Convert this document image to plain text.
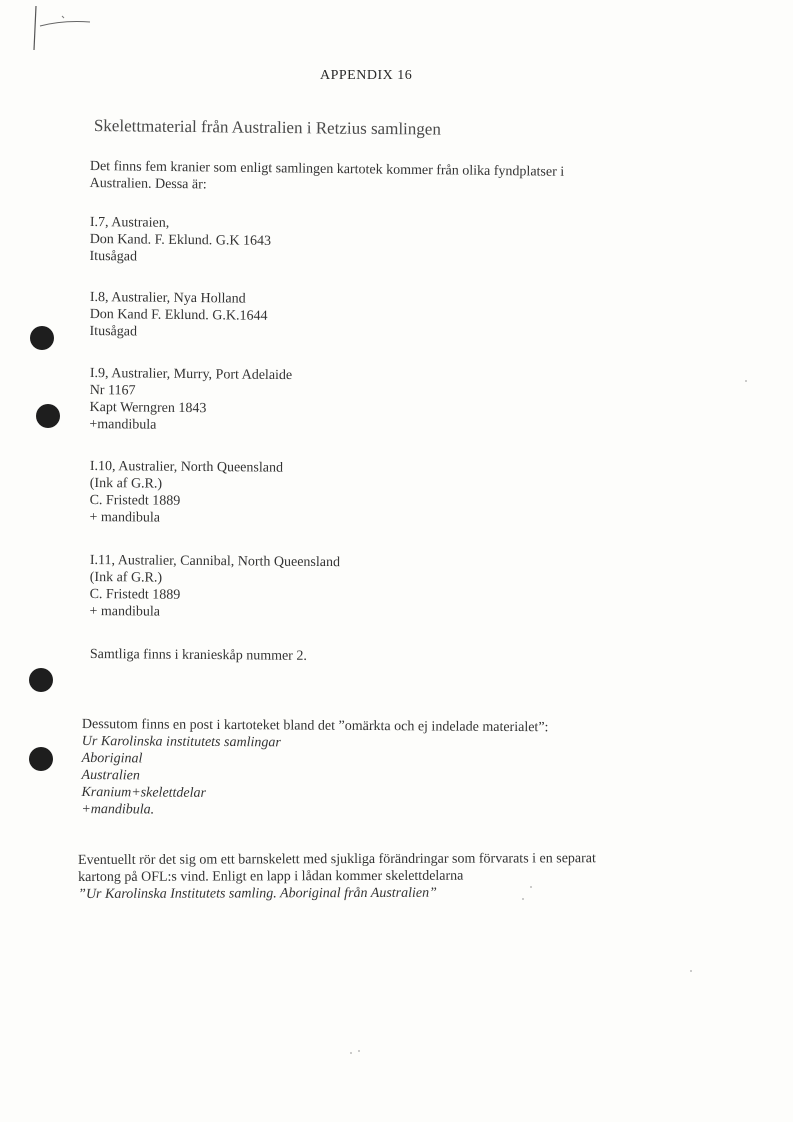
APPENDIX 16
Skelettmaterial från Australien i Retzius samlingen
Det finns fem kranier som enligt samlingen kartotek kommer från olika fyndplatser i
Australien. Dessa är:
I.7, Austraien,
Don Kand. F. Eklund. G.K 1643
Itusågad
I.8, Australier, Nya Holland
Don Kand F. Eklund. G.K.1644
Itusågad
I.9, Australier, Murry, Port Adelaide
Nr 1167
Kapt Werngren 1843
+mandibula
I.10, Australier, North Queensland
(Ink af G.R.)
C. Fristedt 1889
+ mandibula
I.11, Australier, Cannibal, North Queensland
(Ink af G.R.)
C. Fristedt 1889
+ mandibula
Samtliga finns i kranieskåp nummer 2.
Dessutom finns en post i kartoteket bland det ”omärkta och ej indelade materialet”:
Ur Karolinska institutets samlingar
Aboriginal
Australien
Kranium+skelettdelar
+mandibula.
Eventuellt rör det sig om ett barnskelett med sjukliga förändringar som förvarats i en separat
kartong på OFL:s vind. Enligt en lapp i lådan kommer skelettdelarna
”Ur Karolinska Institutets samling. Aboriginal från Australien”
